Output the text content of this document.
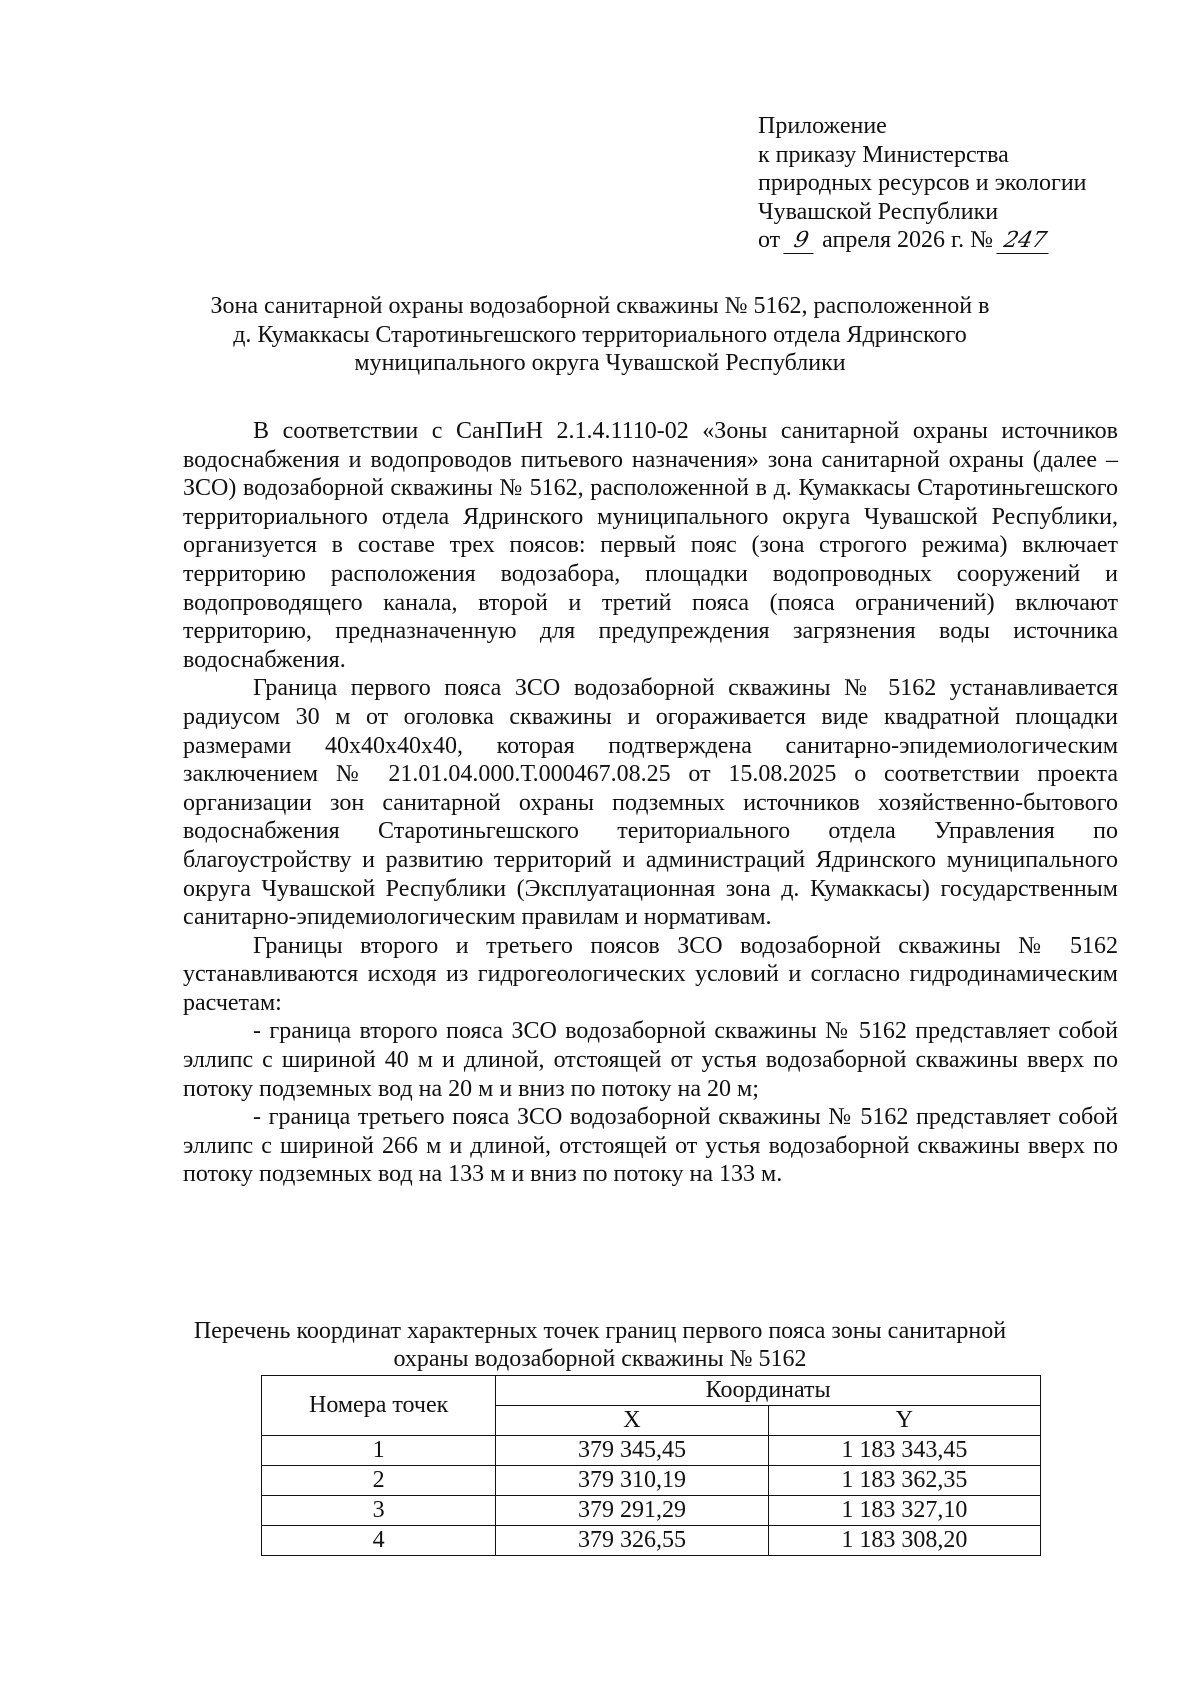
Приложение
к приказу Министерства
природных ресурсов и экологии
Чувашской Республики
от 9 апреля 2026 г. № 247
Зона санитарной охраны водозаборной скважины № 5162, расположенной в
д. Кумаккасы Старотиньгешского территориального отдела Ядринского
муниципального округа Чувашской Республики

В соответствии с СанПиН 2.1.4.1110-02 «Зоны санитарной охраны источников водоснабжения и водопроводов питьевого назначения» зона санитарной охраны (далее – ЗСО) водозаборной скважины № 5162, расположенной в д. Кумаккасы Старотиньгешского территориального отдела Ядринского муниципального округа Чувашской Республики, организуется в составе трех поясов: первый пояс (зона строгого режима) включает территорию расположения водозабора, площадки водопроводных сооружений и водопроводящего канала, второй и третий пояса (пояса ограничений) включают территорию, предназначенную для предупреждения загрязнения воды источника водоснабжения.

Граница первого пояса ЗСО водозаборной скважины № 5162 устанавливается радиусом 30 м от оголовка скважины и огораживается виде квадратной площадки размерами 40х40х40х40, которая подтверждена санитарно-эпидемиологическим заключением № 21.01.04.000.Т.000467.08.25 от 15.08.2025 о соответствии проекта организации зон санитарной охраны подземных источников хозяйственно-бытового водоснабжения Старотиньгешского териториального отдела Управления по благоустройству и развитию территорий и администраций Ядринского муниципального округа Чувашской Республики (Эксплуатационная зона д. Кумаккасы) государственным санитарно-эпидемиологическим правилам и нормативам.

Границы второго и третьего поясов ЗСО водозаборной скважины № 5162 устанавливаются исходя из гидрогеологических условий и согласно гидродинамическим расчетам:

- граница второго пояса ЗСО водозаборной скважины № 5162 представляет собой эллипс с шириной 40 м и длиной, отстоящей от устья водозаборной скважины вверх по потоку подземных вод на 20 м и вниз по потоку на 20 м;

- граница третьего пояса ЗСО водозаборной скважины № 5162 представляет собой эллипс с шириной 266 м и длиной, отстоящей от устья водозаборной скважины вверх по потоку подземных вод на 133 м и вниз по потоку на 133 м.

Перечень координат характерных точек границ первого пояса зоны санитарной
охраны водозаборной скважины № 5162
Номера точек	Координаты	
	X	Y
1	379 345,45	1 183 343,45
2	379 310,19	1 183 362,35
3	379 291,29	1 183 327,10
4	379 326,55	1 183 308,20
